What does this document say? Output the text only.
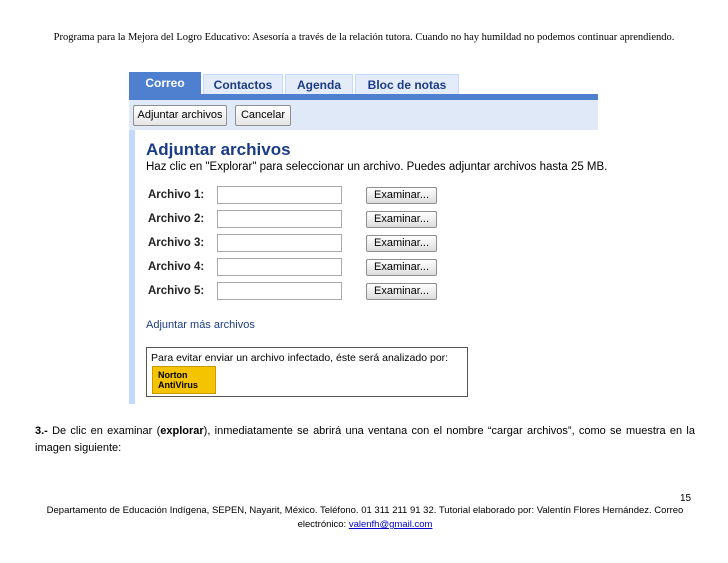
Programa para la Mejora del Logro Educativo: Asesoría a través de la relación tutora. Cuando no hay humildad no podemos continuar aprendiendo.
Correo	Contactos	Agenda	Bloc de notas
Adjuntar archivos	Cancelar
Adjuntar archivos
Haz clic en "Explorar" para seleccionar un archivo. Puedes adjuntar archivos hasta 25 MB.
Archivo 1:	Examinar...
Archivo 2:	Examinar...
Archivo 3:	Examinar...
Archivo 4:	Examinar...
Archivo 5:	Examinar...
Adjuntar más archivos
Para evitar enviar un archivo infectado, éste será analizado por:
Norton
AntiVirus
3.- De clic en examinar (explorar), inmediatamente se abrirá una ventana con el nombre “cargar archivos”, como se muestra en la imagen siguiente:
15
Departamento de Educación Indígena, SEPEN, Nayarit, México. Teléfono. 01 311 211 91 32. Tutorial elaborado por: Valentín Flores Hernández. Correo electrónico: valenfh@gmail.com
